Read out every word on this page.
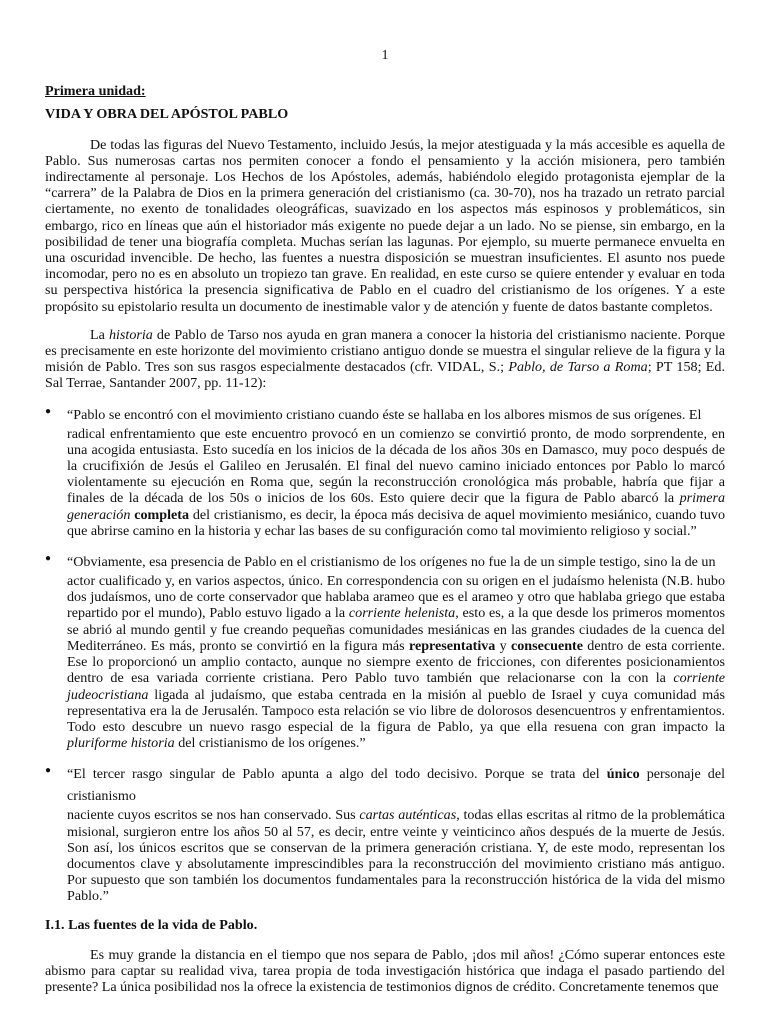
1

Primera unidad:

VIDA Y OBRA DEL APÓSTOL PABLO

De todas las figuras del Nuevo Testamento, incluido Jesús, la mejor atestiguada y la más accesible es aquella de Pablo. Sus numerosas cartas nos permiten conocer a fondo el pensamiento y la acción misionera, pero también indirectamente al personaje. Los Hechos de los Apóstoles, además, habiéndolo elegido protagonista ejemplar de la “carrera” de la Palabra de Dios en la primera generación del cristianismo (ca. 30-70), nos ha trazado un retrato parcial ciertamente, no exento de tonalidades oleográficas, suavizado en los aspectos más espinosos y problemáticos, sin embargo, rico en líneas que aún el historiador más exigente no puede dejar a un lado. No se piense, sin embargo, en la posibilidad de tener una biografía completa. Muchas serían las lagunas. Por ejemplo, su muerte permanece envuelta en una oscuridad invencible. De hecho, las fuentes a nuestra disposición se muestran insuficientes. El asunto nos puede incomodar, pero no es en absoluto un tropiezo tan grave. En realidad, en este curso se quiere entender y evaluar en toda su perspectiva histórica la presencia significativa de Pablo en el cuadro del cristianismo de los orígenes. Y a este propósito su epistolario resulta un documento de inestimable valor y de atención y fuente de datos bastante completos.

La historia de Pablo de Tarso nos ayuda en gran manera a conocer la historia del cristianismo naciente. Porque es precisamente en este horizonte del movimiento cristiano antiguo donde se muestra el singular relieve de la figura y la misión de Pablo. Tres son sus rasgos especialmente destacados (cfr. VIDAL, S.; Pablo, de Tarso a Roma; PT 158; Ed. Sal Terrae, Santander 2007, pp. 11-12):

● “Pablo se encontró con el movimiento cristiano cuando éste se hallaba en los albores mismos de sus orígenes. El

radical enfrentamiento que este encuentro provocó en un comienzo se convirtió pronto, de modo sorprendente, en una acogida entusiasta. Esto sucedía en los inicios de la década de los años 30s en Damasco, muy poco después de la crucifixión de Jesús el Galileo en Jerusalén. El final del nuevo camino iniciado entonces por Pablo lo marcó violentamente su ejecución en Roma que, según la reconstrucción cronológica más probable, habría que fijar a finales de la década de los 50s o inicios de los 60s. Esto quiere decir que la figura de Pablo abarcó la primera generación completa del cristianismo, es decir, la época más decisiva de aquel movimiento mesiánico, cuando tuvo que abrirse camino en la historia y echar las bases de su configuración como tal movimiento religioso y social.”

● “Obviamente, esa presencia de Pablo en el cristianismo de los orígenes no fue la de un simple testigo, sino la de un

actor cualificado y, en varios aspectos, único. En correspondencia con su origen en el judaísmo helenista (N.B. hubo dos judaísmos, uno de corte conservador que hablaba arameo que es el arameo y otro que hablaba griego que estaba repartido por el mundo), Pablo estuvo ligado a la corriente helenista, esto es, a la que desde los primeros momentos se abrió al mundo gentil y fue creando pequeñas comunidades mesiánicas en las grandes ciudades de la cuenca del Mediterráneo. Es más, pronto se convirtió en la figura más representativa y consecuente dentro de esta corriente. Ese lo proporcionó un amplio contacto, aunque no siempre exento de fricciones, con diferentes posicionamientos dentro de esa variada corriente cristiana. Pero Pablo tuvo también que relacionarse con la con la corriente judeocristiana ligada al judaísmo, que estaba centrada en la misión al pueblo de Israel y cuya comunidad más representativa era la de Jerusalén. Tampoco esta relación se vio libre de dolorosos desencuentros y enfrentamientos. Todo esto descubre un nuevo rasgo especial de la figura de Pablo, ya que ella resuena con gran impacto la pluriforme historia del cristianismo de los orígenes.”

● “El tercer rasgo singular de Pablo apunta a algo del todo decisivo. Porque se trata del único personaje del cristianismo

naciente cuyos escritos se nos han conservado. Sus cartas auténticas, todas ellas escritas al ritmo de la problemática misional, surgieron entre los años 50 al 57, es decir, entre veinte y veinticinco años después de la muerte de Jesús. Son así, los únicos escritos que se conservan de la primera generación cristiana. Y, de este modo, representan los documentos clave y absolutamente imprescindibles para la reconstrucción del movimiento cristiano más antiguo. Por supuesto que son también los documentos fundamentales para la reconstrucción histórica de la vida del mismo Pablo.”

I.1. Las fuentes de la vida de Pablo.

Es muy grande la distancia en el tiempo que nos separa de Pablo, ¡dos mil años! ¿Cómo superar entonces este abismo para captar su realidad viva, tarea propia de toda investigación histórica que indaga el pasado partiendo del presente? La única posibilidad nos la ofrece la existencia de testimonios dignos de crédito. Concretamente tenemos que
